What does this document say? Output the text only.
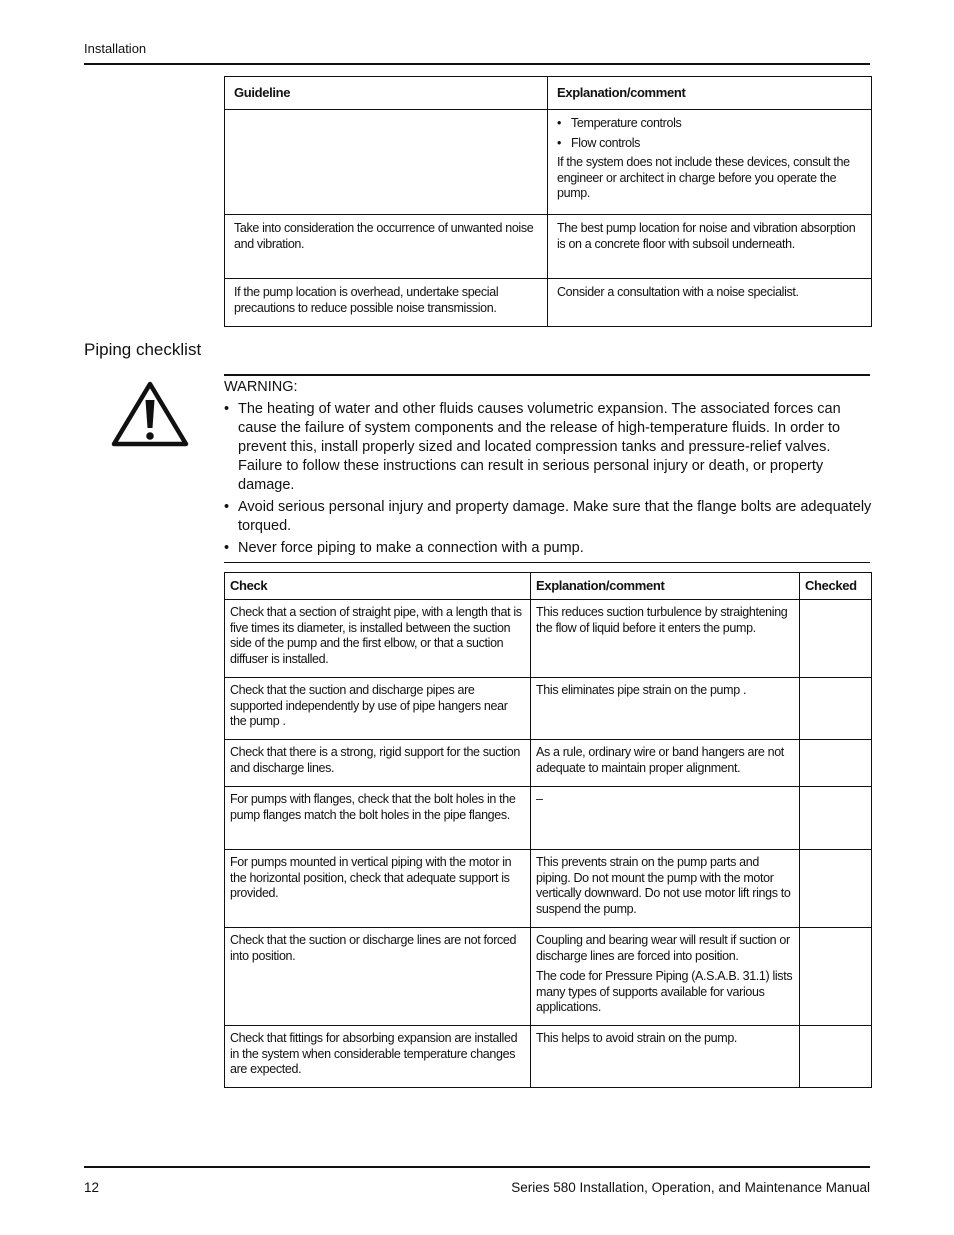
Installation
Guideline	Explanation/comment

	• Temperature controls
• Flow controls

If the system does not include these devices, consult the engineer or architect in charge before you operate the pump.

Take into consideration the occurrence of unwanted noise and vibration.	The best pump location for noise and vibration absorption is on a concrete floor with subsoil underneath.
If the pump location is overhead, undertake special precautions to reduce possible noise transmission.	Consider a consultation with a noise specialist.
Piping checklist

WARNING:

• The heating of water and other fluids causes volumetric expansion. The associated forces can cause the failure of system components and the release of high-temperature fluids. In order to prevent this, install properly sized and located compression tanks and pressure-relief valves. Failure to follow these instructions can result in serious personal injury or death, or property damage.
• Avoid serious personal injury and property damage. Make sure that the flange bolts are adequately torqued.
• Never force piping to make a connection with a pump.
Check	Explanation/comment	Checked
Check that a section of straight pipe, with a length that is five times its diameter, is installed between the suction side of the pump and the first elbow, or that a suction diffuser is installed.	This reduces suction turbulence by straightening the flow of liquid before it enters the pump.	

Check that the suction and discharge pipes are supported independently by use of pipe hangers near the pump .	This eliminates pipe strain on the pump .	

Check that there is a strong, rigid support for the suction and discharge lines.	As a rule, ordinary wire or band hangers are not adequate to maintain proper alignment.	

For pumps with flanges, check that the bolt holes in the pump flanges match the bolt holes in the pipe flanges.	–	

For pumps mounted in vertical piping with the motor in the horizontal position, check that adequate support is provided.	This prevents strain on the pump parts and piping. Do not mount the pump with the motor vertically downward. Do not use motor lift rings to suspend the pump.	

Check that the suction or discharge lines are not forced into position.	Coupling and bearing wear will result if suction or discharge lines are forced into position.

The code for Pressure Piping (A.S.A.B. 31.1) lists many types of supports available for various applications.	

Check that fittings for absorbing expansion are installed in the system when considerable temperature changes are expected.	This helps to avoid strain on the pump.	

12	Series 580 Installation, Operation, and Maintenance Manual
